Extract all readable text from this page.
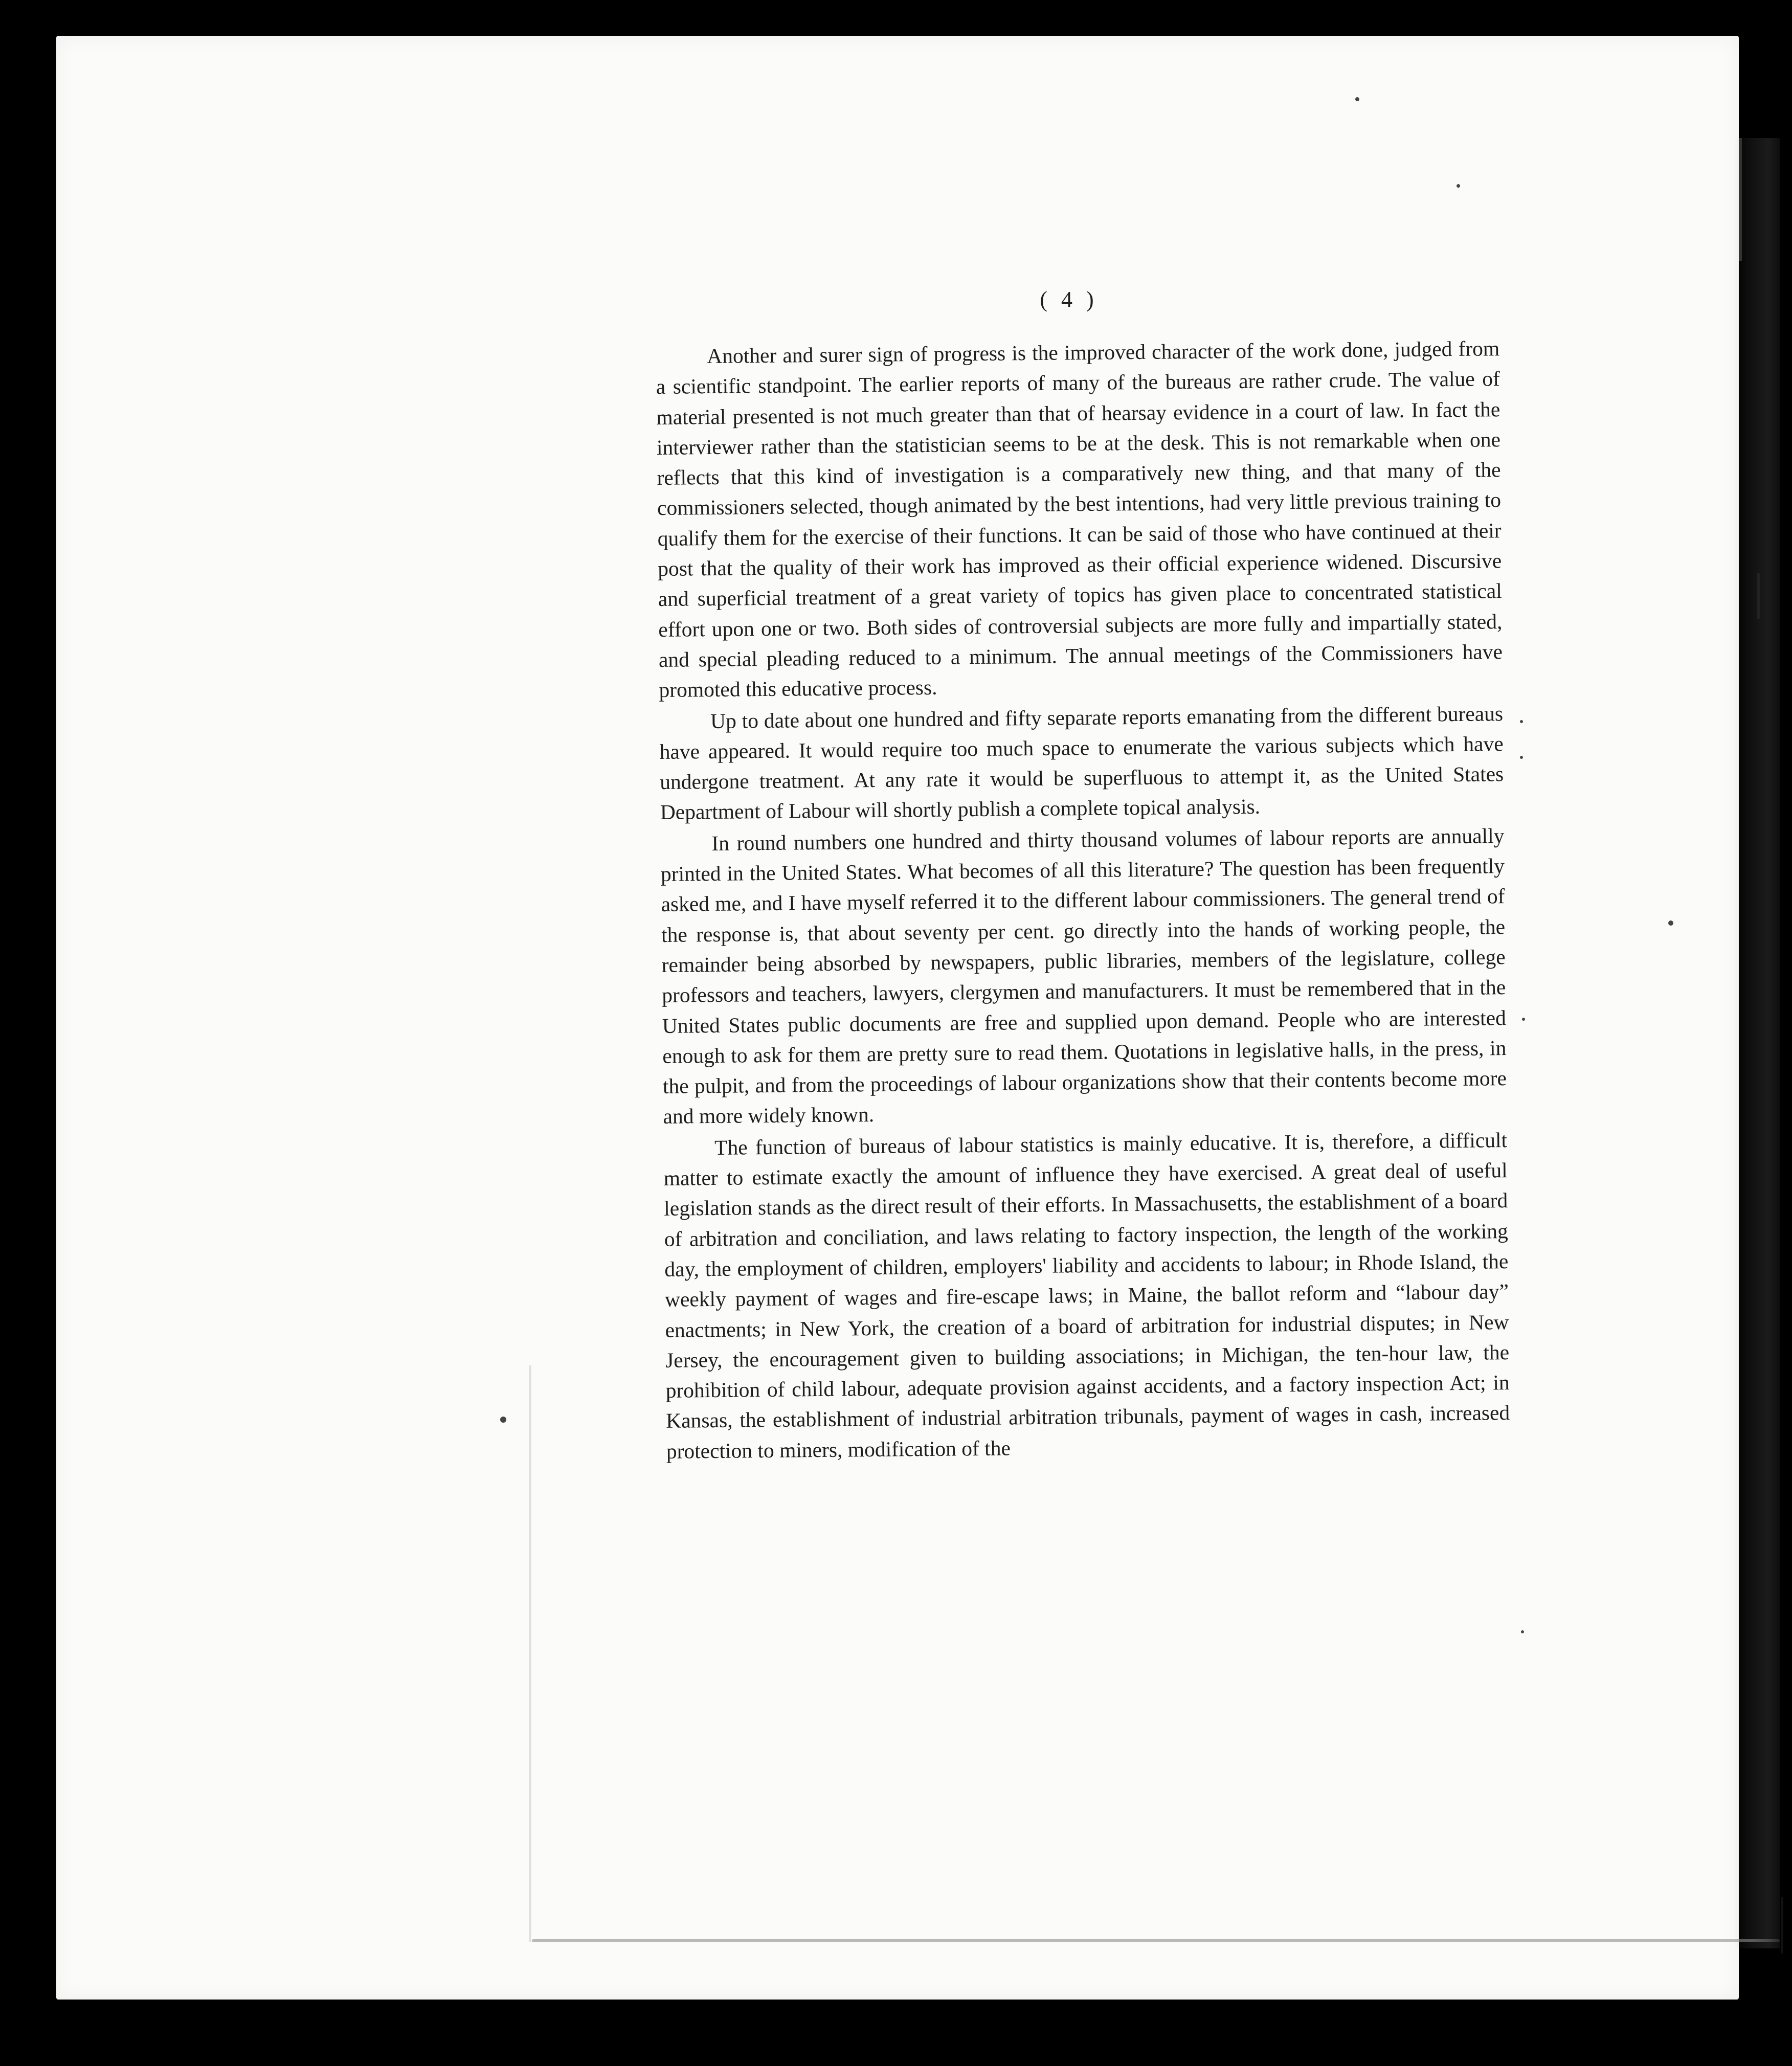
( 4 )

Another and surer sign of progress is the improved character of the work done, judged from a scientific standpoint. The earlier reports of many of the bureaus are rather crude. The value of material presented is not much greater than that of hearsay evidence in a court of law. In fact the interviewer rather than the statistician seems to be at the desk. This is not remarkable when one reflects that this kind of investigation is a comparatively new thing, and that many of the commissioners selected, though animated by the best intentions, had very little previous training to qualify them for the exercise of their functions. It can be said of those who have continued at their post that the quality of their work has improved as their official experience widened. Discursive and superficial treatment of a great variety of topics has given place to concentrated statistical effort upon one or two. Both sides of controversial subjects are more fully and impartially stated, and special pleading reduced to a minimum. The annual meetings of the Commissioners have promoted this educative process.

Up to date about one hundred and fifty separate reports emanating from the different bureaus have appeared. It would require too much space to enumerate the various subjects which have undergone treatment. At any rate it would be superfluous to attempt it, as the United States Department of Labour will shortly publish a complete topical analysis.

In round numbers one hundred and thirty thousand volumes of labour reports are annually printed in the United States. What becomes of all this literature? The question has been frequently asked me, and I have myself referred it to the different labour commissioners. The general trend of the response is, that about seventy per cent. go directly into the hands of working people, the remainder being absorbed by newspapers, public libraries, members of the legislature, college professors and teachers, lawyers, clergymen and manufacturers. It must be remembered that in the United States public documents are free and supplied upon demand. People who are interested enough to ask for them are pretty sure to read them. Quotations in legislative halls, in the press, in the pulpit, and from the proceedings of labour organizations show that their contents become more and more widely known.

The function of bureaus of labour statistics is mainly educative. It is, therefore, a difficult matter to estimate exactly the amount of influence they have exercised. A great deal of useful legislation stands as the direct result of their efforts. In Massachusetts, the establishment of a board of arbitration and conciliation, and laws relating to factory inspection, the length of the working day, the employment of children, employers' liability and accidents to labour; in Rhode Island, the weekly payment of wages and fire-escape laws; in Maine, the ballot reform and “labour day” enactments; in New York, the creation of a board of arbitration for industrial disputes; in New Jersey, the encouragement given to building associations; in Michigan, the ten-hour law, the prohibition of child labour, adequate provision against accidents, and a factory inspection Act; in Kansas, the establishment of industrial arbitration tribunals, payment of wages in cash, increased protection to miners, modification of the
